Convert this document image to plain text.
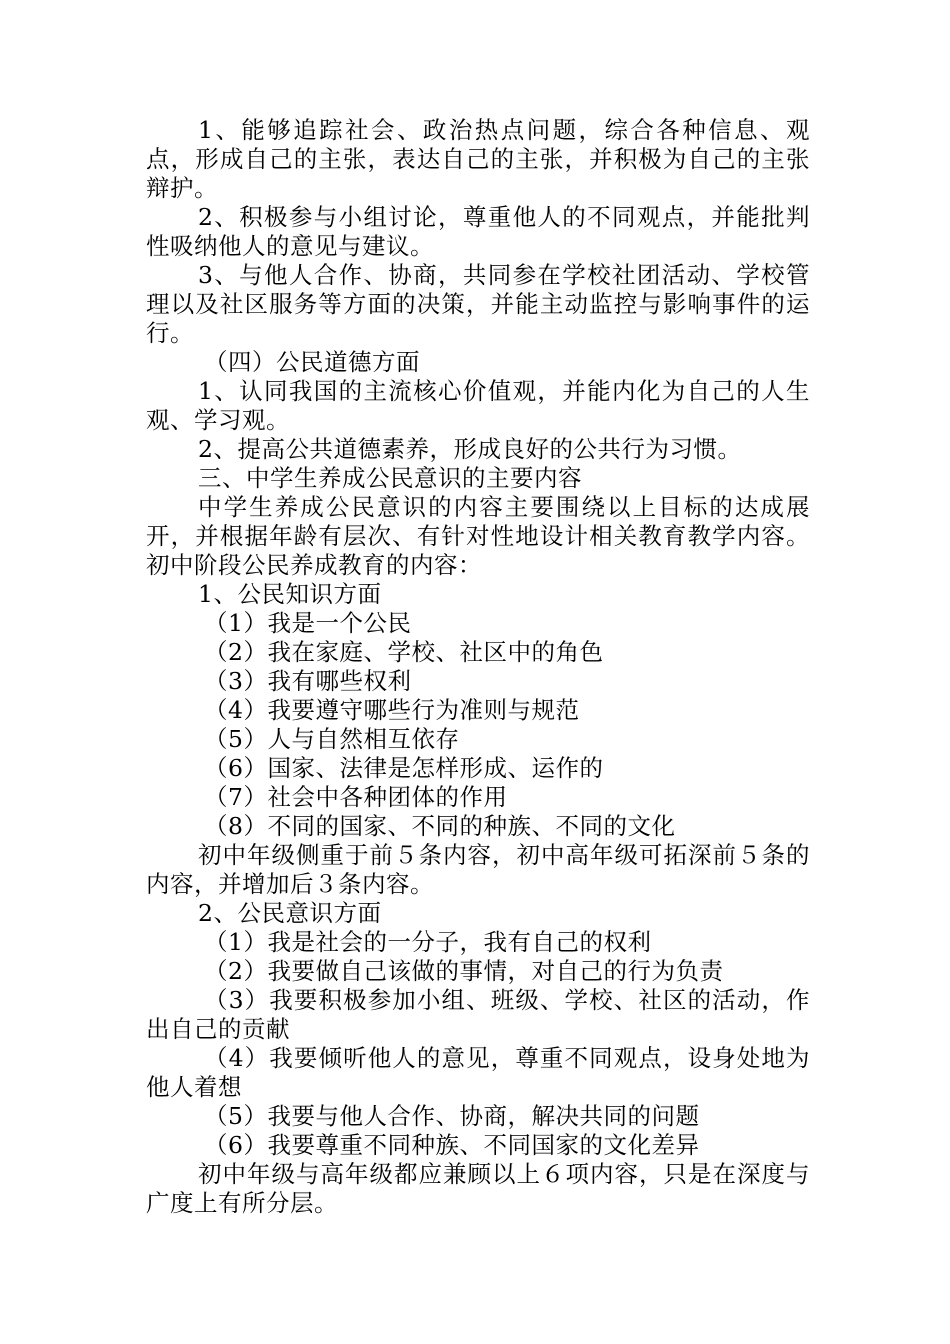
1、能够追踪社会、政治热点问题，综合各种信息、观点，形成自己的主张，表达自己的主张，并积极为自己的主张辩护。

2、积极参与小组讨论，尊重他人的不同观点，并能批判性吸纳他人的意见与建议。

3、与他人合作、协商，共同参在学校社团活动、学校管理以及社区服务等方面的决策，并能主动监控与影响事件的运行。

（四）公民道德方面

1、认同我国的主流核心价值观，并能内化为自己的人生观、学习观。

2、提高公共道德素养，形成良好的公共行为习惯。

三、中学生养成公民意识的主要内容

中学生养成公民意识的内容主要围绕以上目标的达成展开，并根据年龄有层次、有针对性地设计相关教育教学内容。初中阶段公民养成教育的内容：

1、公民知识方面

（1）我是一个公民

（2）我在家庭、学校、社区中的角色

（3）我有哪些权利

（4）我要遵守哪些行为准则与规范

（5）人与自然相互依存

（6）国家、法律是怎样形成、运作的

（7）社会中各种团体的作用

（8）不同的国家、不同的种族、不同的文化

初中年级侧重于前５条内容，初中高年级可拓深前５条的内容，并增加后３条内容。

2、公民意识方面

（1）我是社会的一分子，我有自己的权利

（2）我要做自己该做的事情，对自己的行为负责

（3）我要积极参加小组、班级、学校、社区的活动，作出自己的贡献

（4）我要倾听他人的意见，尊重不同观点，设身处地为他人着想

（5）我要与他人合作、协商，解决共同的问题

（6）我要尊重不同种族、不同国家的文化差异

初中年级与高年级都应兼顾以上６项内容，只是在深度与广度上有所分层。
